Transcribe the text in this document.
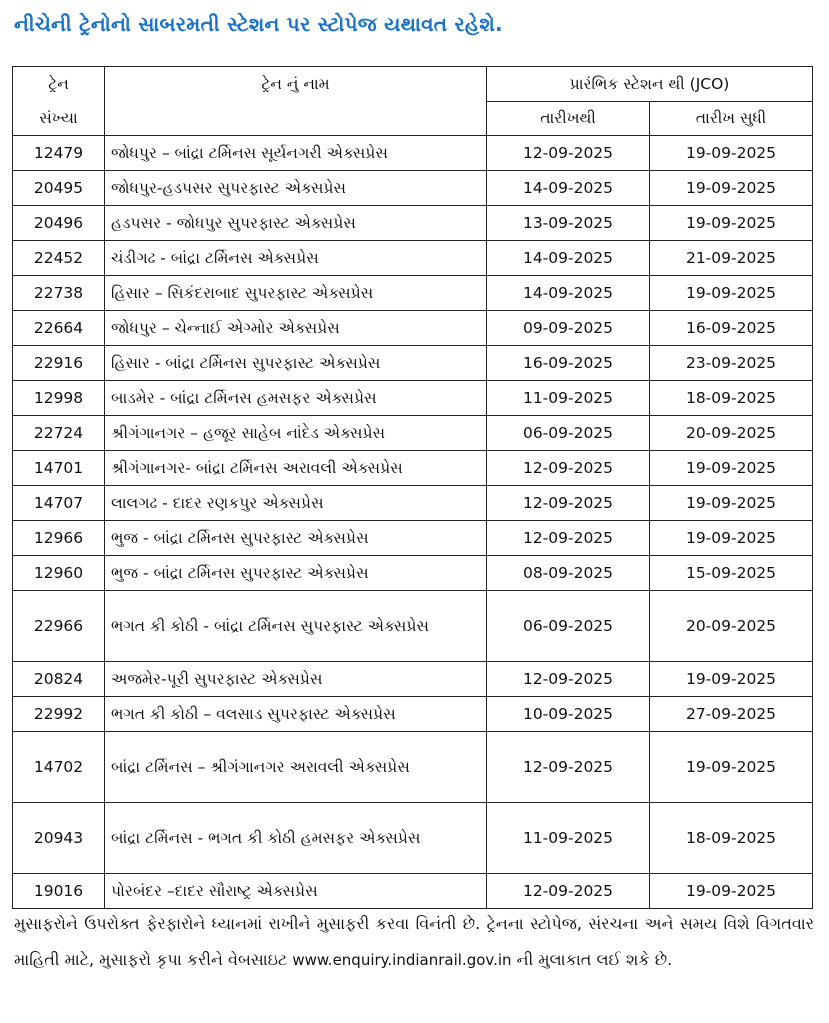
નીચેની ટ્રેનોનો સાબરમતી સ્ટેશન પર સ્ટોપેજ યથાવત રહેશે.
ટ્રેન
સંખ્યા	ટ્રેન નું નામ	પ્રારંભિક સ્ટેશન થી (JCO)	
		તારીખથી	તારીખ સુધી
12479	જોધપુર – બાંદ્રા ટર્મિનસ સૂર્યનગરી એક્સપ્રેસ	12-09-2025	19-09-2025
20495	જોધપુર-હડપસર સુપરફાસ્ટ એક્સપ્રેસ	14-09-2025	19-09-2025
20496	હડપસર - જોધપુર સુપરફાસ્ટ એક્સપ્રેસ	13-09-2025	19-09-2025
22452	ચંડીગઢ - બાંદ્રા ટર્મિનસ એક્સપ્રેસ	14-09-2025	21-09-2025
22738	હિસાર – સિકંદરાબાદ સુપરફાસ્ટ એક્સપ્રેસ	14-09-2025	19-09-2025
22664	જોધપુર – ચેન્નાઈ એગ્મોર એક્સપ્રેસ	09-09-2025	16-09-2025
22916	હિસાર - બાંદ્રા ટર્મિનસ સુપરફાસ્ટ એક્સપ્રેસ	16-09-2025	23-09-2025
12998	બાડમેર - બાંદ્રા ટર્મિનસ હમસફર એક્સપ્રેસ	11-09-2025	18-09-2025
22724	શ્રીગંગાનગર – હજૂર સાહેબ નાંદેડ એક્સપ્રેસ	06-09-2025	20-09-2025
14701	શ્રીગંગાનગર- બાંદ્રા ટર્મિનસ અરાવલી એક્સપ્રેસ	12-09-2025	19-09-2025
14707	લાલગઢ - દાદર રણકપુર એક્સપ્રેસ	12-09-2025	19-09-2025
12966	ભુજ - બાંદ્રા ટર્મિનસ સુપરફાસ્ટ એક્સપ્રેસ	12-09-2025	19-09-2025
12960	ભુજ - બાંદ્રા ટર્મિનસ સુપરફાસ્ટ એક્સપ્રેસ	08-09-2025	15-09-2025
22966	ભગત કી કોઠી - બાંદ્રા ટર્મિનસ સુપરફાસ્ટ એક્સપ્રેસ	06-09-2025	20-09-2025
20824	અજમેર-પૂરી સુપરફાસ્ટ એક્સપ્રેસ	12-09-2025	19-09-2025
22992	ભગત કી કોઠી – વલસાડ સુપરફાસ્ટ એક્સપ્રેસ	10-09-2025	27-09-2025
14702	બાંદ્રા ટર્મિનસ – શ્રીગંગાનગર અરાવલી એક્સપ્રેસ	12-09-2025	19-09-2025
20943	બાંદ્રા ટર્મિનસ - ભગત કી કોઠી હમસફર એક્સપ્રેસ	11-09-2025	18-09-2025
19016	પોરબંદર –દાદર સૌરાષ્ટ્ર એક્સપ્રેસ	12-09-2025	19-09-2025
મુસાફરોને ઉપરોક્ત ફેરફારોને ધ્યાનમાં રાખીને મુસાફરી કરવા વિનંતી છે. ટ્રેનના સ્ટોપેજ, સંરચના અને સમય વિશે વિગતવાર માહિતી માટે, મુસાફરો કૃપા કરીને વેબસાઇટ www.enquiry.indianrail.gov.in ની મુલાકાત લઈ શકે છે.
